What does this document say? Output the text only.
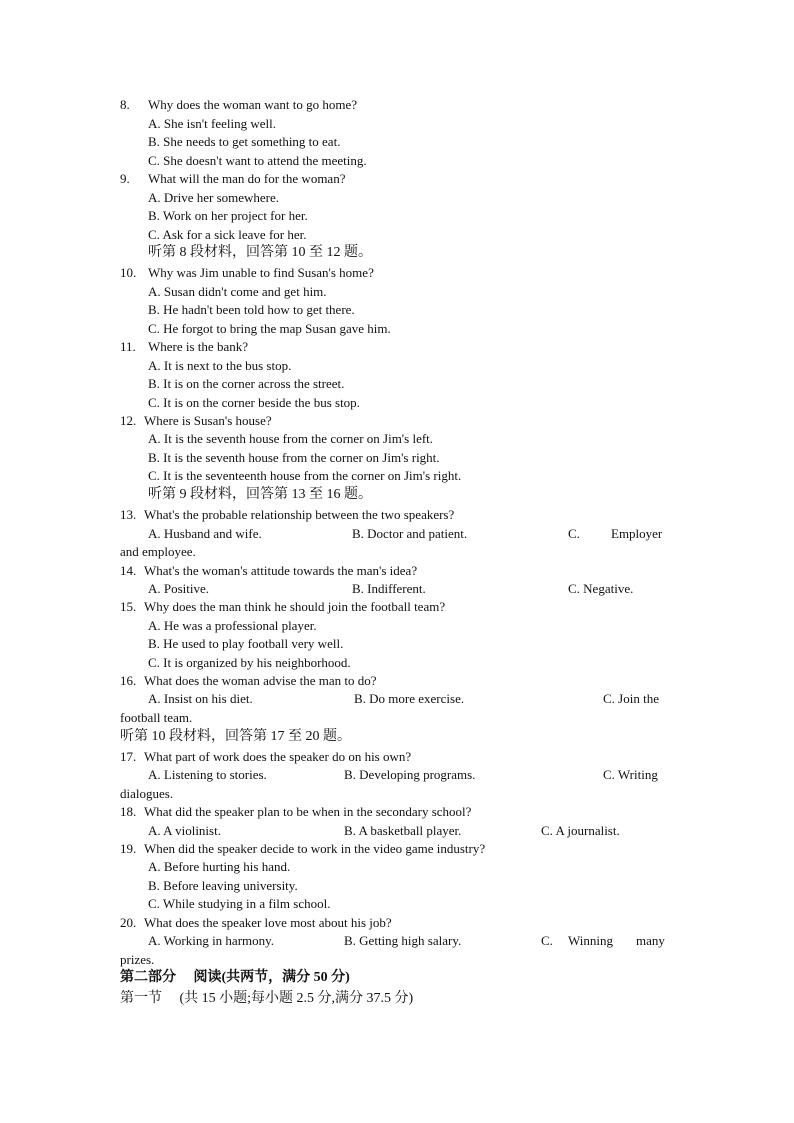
8. Why does the woman want to go home?
A. She isn't feeling well.
B. She needs to get something to eat.
C. She doesn't want to attend the meeting.
9. What will the man do for the woman?
A. Drive her somewhere.
B. Work on her project for her.
C. Ask for a sick leave for her.
听第 8 段材料，回答第 10 至 12 题。
10. Why was Jim unable to find Susan's home?
A. Susan didn't come and get him.
B. He hadn't been told how to get there.
C. He forgot to bring the map Susan gave him.
11. Where is the bank?
A. It is next to the bus stop.
B. It is on the corner across the street.
C. It is on the corner beside the bus stop.
12. Where is Susan's house?
A. It is the seventh house from the corner on Jim's left.
B. It is the seventh house from the corner on Jim's right.
C. It is the seventeenth house from the corner on Jim's right.
听第 9 段材料，回答第 13 至 16 题。
13. What's the probable relationship between the two speakers?
A. Husband and wife.	B. Doctor and patient.	C. Employer
and employee.
14. What's the woman's attitude towards the man's idea?
A. Positive.	B. Indifferent.	C. Negative.
15. Why does the man think he should join the football team?
A. He was a professional player.
B. He used to play football very well.
C. It is organized by his neighborhood.
16. What does the woman advise the man to do?
A. Insist on his diet.	B. Do more exercise.	C. Join the
football team.
听第 10 段材料，回答第 17 至 20 题。
17. What part of work does the speaker do on his own?
A. Listening to stories.	B. Developing programs.	C. Writing
dialogues.
18. What did the speaker plan to be when in the secondary school?
A. A violinist.	B. A basketball player.	C. A journalist.
19. When did the speaker decide to work in the video game industry?
A. Before hurting his hand.
B. Before leaving university.
C. While studying in a film school.
20. What does the speaker love most about his job?
A. Working in harmony.	B. Getting high salary.	C. Winning many
prizes.
第二部分　 阅读(共两节，满分 50 分)
第一节　 (共 15 小题;每小题 2.5 分,满分 37.5 分)
